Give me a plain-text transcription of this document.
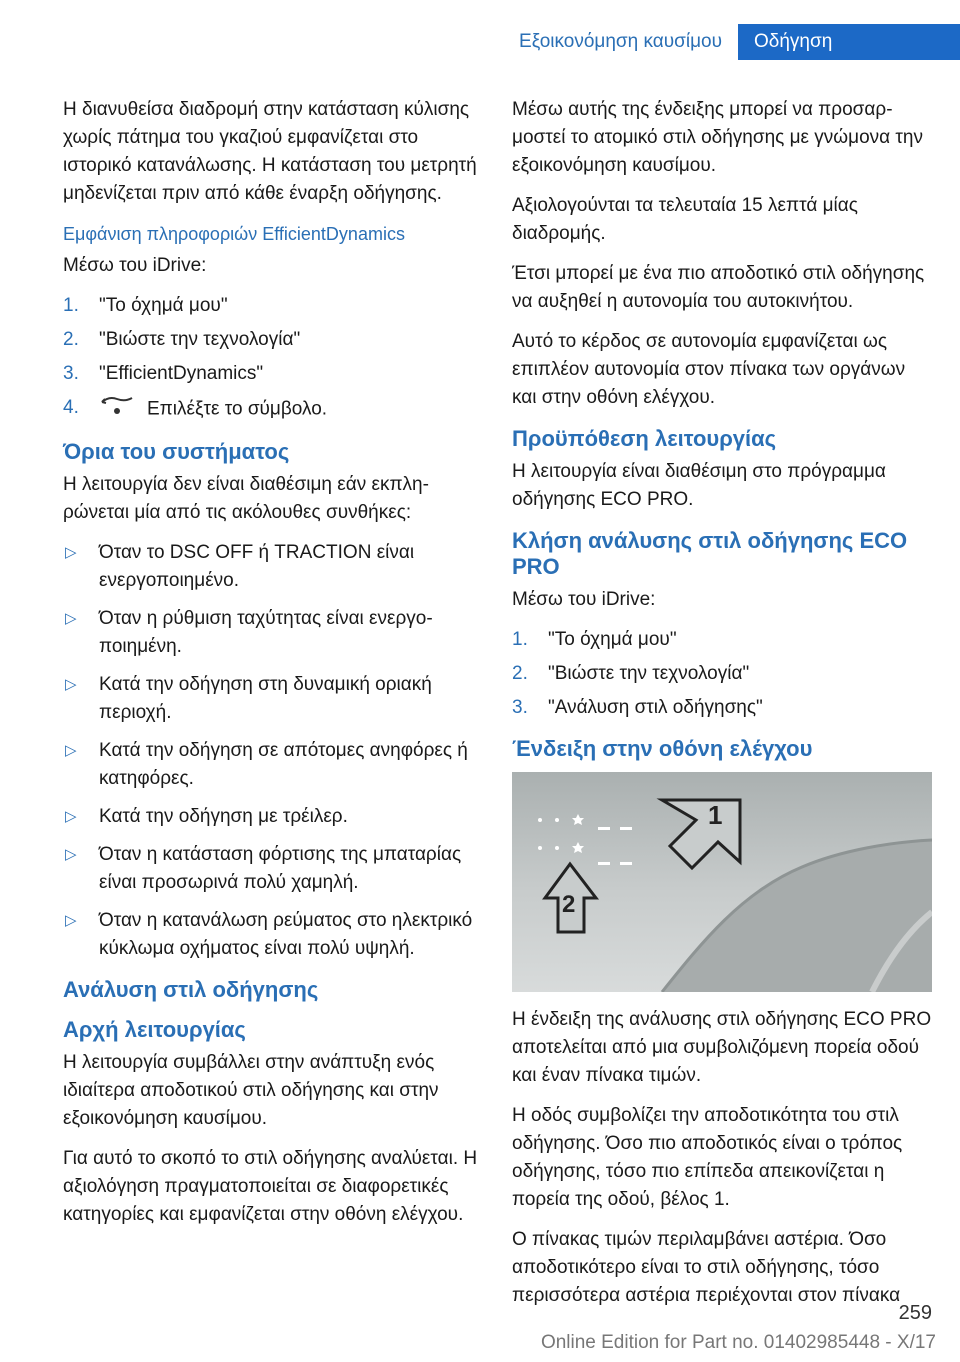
Εξοικονόμηση καυσίμου	Οδήγηση

Η διανυθείσα διαδρομή στην κατάσταση κύλισης χωρίς πάτημα του γκαζιού εμφανίζεται στο ιστορικό κατανάλωσης. Η κατάσταση του μετρητή μηδενίζεται πριν από κάθε έναρξη οδήγησης.

Εμφάνιση πληροφοριών EfficientDynamics

Μέσω του iDrive:

1. "Το όχημά μου"
2. "Βιώστε την τεχνολογία"
3. "EfficientDynamics"
4.	Επιλέξτε το σύμβολο.
Όρια του συστήματος

Η λειτουργία δεν είναι διαθέσιμη εάν εκπληρώνεται μία από τις ακόλουθες συνθήκες:

▷ Όταν το DSC OFF ή TRACTION είναι ενεργοποιημένο.
▷ Όταν η ρύθμιση ταχύτητας είναι ενεργοποιημένη.
▷ Κατά την οδήγηση στη δυναμική οριακή περιοχή.
▷ Κατά την οδήγηση σε απότομες ανηφόρες ή κατηφόρες.
▷ Κατά την οδήγηση με τρέιλερ.
▷ Όταν η κατάσταση φόρτισης της μπαταρίας είναι προσωρινά πολύ χαμηλή.
▷ Όταν η κατανάλωση ρεύματος στο ηλεκτρικό κύκλωμα οχήματος είναι πολύ υψηλή.
Ανάλυση στιλ οδήγησης
Αρχή λειτουργίας

Η λειτουργία συμβάλλει στην ανάπτυξη ενός ιδιαίτερα αποδοτικού στιλ οδήγησης και στην εξοικονόμηση καυσίμου.

Για αυτό το σκοπό το στιλ οδήγησης αναλύεται. Η αξιολόγηση πραγματοποιείται σε διαφορετικές κατηγορίες και εμφανίζεται στην οθόνη ελέγχου.

Μέσω αυτής της ένδειξης μπορεί να προσαρμοστεί το ατομικό στιλ οδήγησης με γνώμονα την εξοικονόμηση καυσίμου.

Αξιολογούνται τα τελευταία 15 λεπτά μίας διαδρομής.

Έτσι μπορεί με ένα πιο αποδοτικό στιλ οδήγησης να αυξηθεί η αυτονομία του αυτοκινήτου.

Αυτό το κέρδος σε αυτονομία εμφανίζεται ως επιπλέον αυτονομία στον πίνακα των οργάνων και στην οθόνη ελέγχου.

Προϋπόθεση λειτουργίας

Η λειτουργία είναι διαθέσιμη στο πρόγραμμα οδήγησης ECO PRO.

Κλήση ανάλυσης στιλ οδήγησης ECO PRO

Μέσω του iDrive:

1. "Το όχημά μου"
2. "Βιώστε την τεχνολογία"
3. "Ανάλυση στιλ οδήγησης"
Ένδειξη στην οθόνη ελέγχου
1
2

Η ένδειξη της ανάλυσης στιλ οδήγησης ECO PRO αποτελείται από μια συμβολιζόμενη πορεία οδού και έναν πίνακα τιμών.

Η οδός συμβολίζει την αποδοτικότητα του στιλ οδήγησης. Όσο πιο αποδοτικός είναι ο τρόπος οδήγησης, τόσο πιο επίπεδα απεικονίζεται η πορεία της οδού, βέλος 1.

Ο πίνακας τιμών περιλαμβάνει αστέρια. Όσο αποδοτικότερο είναι το στιλ οδήγησης, τόσο περισσότερα αστέρια περιέχονται στον πίνακα

259
Online Edition for Part no. 01402985448 - X/17
